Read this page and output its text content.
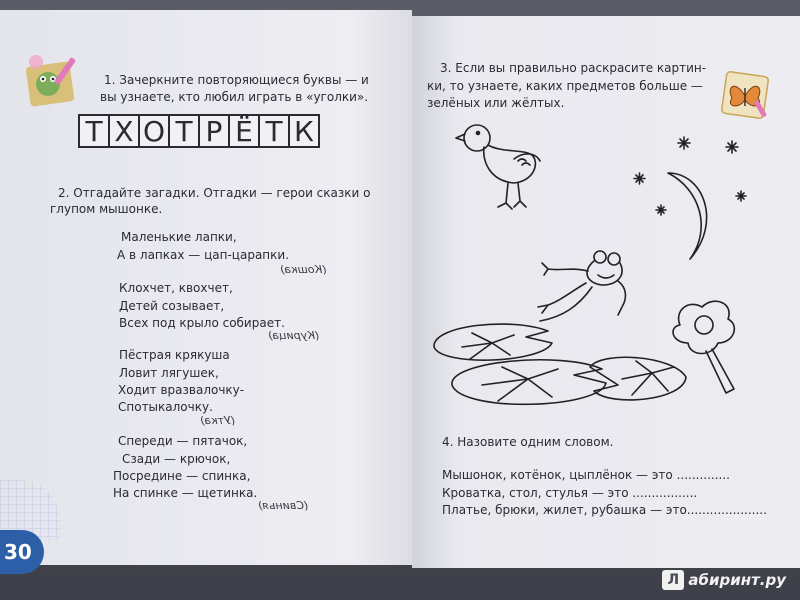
1. Зачеркните повторяющиеся буквы — и
вы узнаете, кто любил играть в «уголки».
Т Х О Т Р Ё Т К
2. Отгадайте загадки. Отгадки — герои сказки о
глупом мышонке.
Маленькие лапки,
А в лапках — цап-царапки.
(Кошка)
Клохчет, квохчет,
Детей созывает,
Всех под крыло собирает.
(Курица)
Пёстрая крякуша
Ловит лягушек,
Ходит вразвалочку-
Спотыкалочку.
(Утка)
Спереди — пятачок,
Сзади — крючок,
Посредине — спинка,
На спинке — щетинка.
(Свинья)
30
3. Если вы правильно раскрасите картин-
ки, то узнаете, каких предметов больше —
зелёных или жёлтых.
4. Назовите одним словом.
Мышонок, котёнок, цыплёнок — это ..............
Кроватка, стол, стулья — это .................
Платье, брюки, жилет, рубашка — это.....................
Л абиринт.ру
